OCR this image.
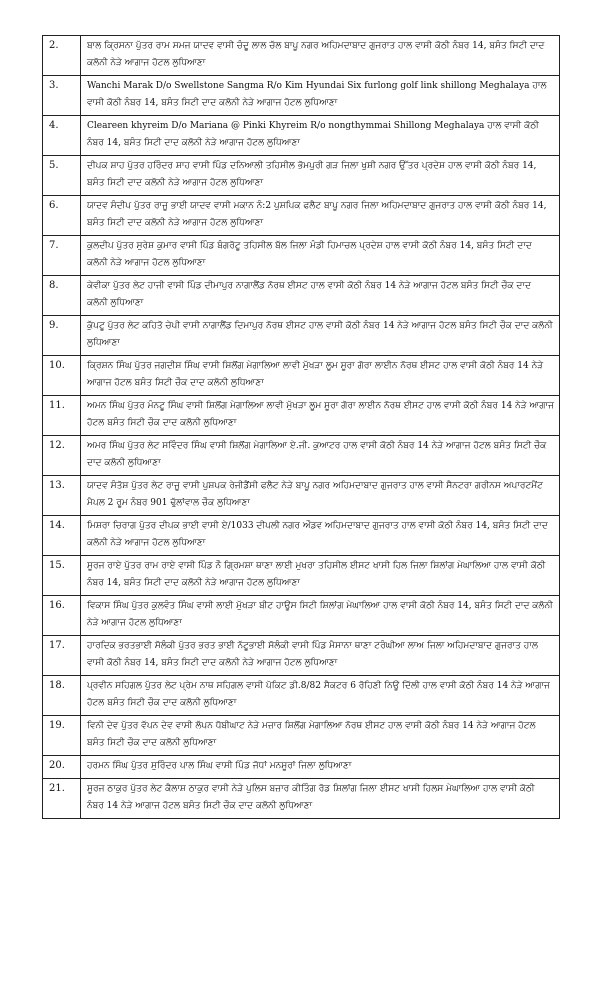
2.	ਬਾਲ ਕ੍ਰਿਸਨਾ ਪੁੱਤਰ ਰਾਮ ਸਮਜ ਯਾਦਵ ਵਾਸੀ ਚੰਦੂ ਲਾਲ ਚੱਲ ਬਾਪੂ ਨਗਰ ਅਹਿਮਦਾਬਾਦ ਗੁਜਰਾਤ ਹਾਲ ਵਾਸੀ ਕੋਠੀ ਨੰਬਰ 14, ਬਸੰਤ ਸਿਟੀ ਦਾਦ ਕਲੋਨੀ ਨੇੜੇ ਆਗਾਜ ਹੋਟਲ ਲੁਧਿਆਣਾ
3.	Wanchi Marak D/o Swellstone Sangma R/o Kim Hyundai Six furlong golf link shillong Meghalaya ਹਾਲ ਵਾਸੀ ਕੋਠੀ ਨੰਬਰ 14, ਬਸੰਤ ਸਿਟੀ ਦਾਦ ਕਲੋਨੀ ਨੇੜੇ ਆਗਾਜ ਹੋਟਲ ਲੁਧਿਆਣਾ
4.	Cleareen khyreim D/o Mariana @ Pinki Khyreim R/o nongthymmai Shillong Meghalaya ਹਾਲ ਵਾਸੀ ਕੋਠੀ ਨੰਬਰ 14, ਬਸੰਤ ਸਿਟੀ ਦਾਦ ਕਲੋਨੀ ਨੇੜੇ ਆਗਾਜ ਹੋਟਲ ਲੁਧਿਆਣਾ
5.	ਦੀਪਕ ਸ਼ਾਹ ਪੁੱਤਰ ਹਰਿੰਦਰ ਸ਼ਾਹ ਵਾਸੀ ਪਿੰਡ ਦਨਿਆਲੀ ਤਹਿਸੀਲ ਭੋਮਪੁਰੀ ਗੜ ਜਿਲਾ ਖੁਸ਼ੀ ਨਗਰ ਉੱਤਰ ਪ੍ਰਦੇਸ਼ ਹਾਲ ਵਾਸੀ ਕੋਠੀ ਨੰਬਰ 14, ਬਸੰਤ ਸਿਟੀ ਦਾਦ ਕਲੋਨੀ ਨੇੜੇ ਆਗਾਜ ਹੋਟਲ ਲੁਧਿਆਣਾ
6.	ਯਾਦਵ ਸੰਦੀਪ ਪੁੱਤਰ ਰਾਜੂ ਭਾਈ ਯਾਦਵ ਵਾਸੀ ਮਕਾਨ ਨੰ:2 ਪੁਸ਼ਪਿਕ ਫਲੈਟ ਬਾਪੂ ਨਗਰ ਜਿਲਾ ਅਹਿਮਦਾਬਾਦ ਗੁਜਰਾਤ ਹਾਲ ਵਾਸੀ ਕੋਠੀ ਨੰਬਰ 14, ਬਸੰਤ ਸਿਟੀ ਦਾਦ ਕਲੋਨੀ ਨੇੜੇ ਆਗਾਜ ਹੋਟਲ ਲੁਧਿਆਣਾ
7.	ਕੁਲਦੀਪ ਪੁੱਤਰ ਸੁਰੇਸ਼ ਕੁਮਾਰ ਵਾਸੀ ਪਿੰਡ ਬੰਗਰੋਟੂ ਤਹਿਸੀਲ ਬੱਲ ਜਿਲਾ ਮੰਡੀ ਹਿਮਾਚਲ ਪ੍ਰਦੇਸ਼ ਹਾਲ ਵਾਸੀ ਕੋਠੀ ਨੰਬਰ 14, ਬਸੰਤ ਸਿਟੀ ਦਾਦ ਕਲੋਨੀ ਨੇੜੇ ਆਗਾਜ ਹੋਟਲ ਲੁਧਿਆਣਾ
8.	ਕੇਵੀਕਾ ਪੁੱਤਰ ਲੇਟ ਹਾਜੀ ਵਾਸੀ ਪਿੰਡ ਦੀਮਾਪੁਰ ਨਾਗਾਲੈਂਡ ਨੋਰਥ ਈਸਟ ਹਾਲ ਵਾਸੀ ਕੋਠੀ ਨੰਬਰ 14 ਨੇੜੇ ਆਗਾਜ ਹੋਟਲ ਬਸੰਤ ਸਿਟੀ ਚੌਕ ਦਾਦ ਕਲੋਨੀ ਲੁਧਿਆਣਾ
9.	ਕੁੱਪਟੂ ਪੁੱਤਰ ਲੇਟ ਕਹਿਤੋ ਚੇਪੀ ਵਾਸੀ ਨਾਗਾਲੈਂਡ ਦਿਮਾਪੁਰ ਨੋਰਥ ਈਸਟ ਹਾਲ ਵਾਸੀ ਕੋਠੀ ਨੰਬਰ 14 ਨੇੜੇ ਆਗਾਜ ਹੋਟਲ ਬਸੰਤ ਸਿਟੀ ਚੌਕ ਦਾਦ ਕਲੋਨੀ ਲੁਧਿਆਣਾ
10.	ਕ੍ਰਿਸ਼ਨ ਸਿੰਘ ਪੁੱਤਰ ਜਗਦੀਸ਼ ਸਿੰਘ ਵਾਸੀ ਸ਼ਿਲੋਂਗ ਮੇਗਾਲਿਆ ਲਾਵੀ ਮੁੱਖੜਾ ਲੂਮ ਸੂਰਾ ਗੋਰਾ ਲਾਈਨ ਨੋਰਥ ਈਸਟ ਹਾਲ ਵਾਸੀ ਕੋਠੀ ਨੰਬਰ 14 ਨੇੜੇ ਆਗਾਜ ਹੋਟਲ ਬਸੰਤ ਸਿਟੀ ਚੌਕ ਦਾਦ ਕਲੋਨੀ ਲੁਧਿਆਣਾ
11.	ਅਮਨ ਸਿੰਘ ਪੁੱਤਰ ਮੰਨਟੂ ਸਿੰਘ ਵਾਸੀ ਸ਼ਿਲੋਂਗ ਮੇਗਾਲਿਆ ਲਾਵੀ ਮੁੱਖੜਾ ਲੂਮ ਸੂਰਾ ਗੋਰਾ ਲਾਈਨ ਨੋਰਥ ਈਸਟ ਹਾਲ ਵਾਸੀ ਕੋਠੀ ਨੰਬਰ 14 ਨੇੜੇ ਆਗਾਜ ਹੋਟਲ ਬਸੰਤ ਸਿਟੀ ਚੌਕ ਦਾਦ ਕਲੋਨੀ ਲੁਧਿਆਣਾ
12.	ਅਮਰ ਸਿੰਘ ਪੁੱਤਰ ਲੇਟ ਸਵਿੰਦਰ ਸਿੰਘ ਵਾਸੀ ਸ਼ਿਲੋਂਗ ਮੇਗਾਲਿਆ ਏ.ਜੀ. ਕੁਆਟਰ ਹਾਲ ਵਾਸੀ ਕੋਠੀ ਨੰਬਰ 14 ਨੇੜੇ ਆਗਾਜ ਹੋਟਲ ਬਸੰਤ ਸਿਟੀ ਚੌਕ ਦਾਦ ਕਲੋਨੀ ਲੁਧਿਆਣਾ
13.	ਯਾਦਵ ਸੰਤੋਸ਼ ਪੁੱਤਰ ਲੇਟ ਰਾਜੂ ਵਾਸੀ ਪੁਸ਼ਪਕ ਰੇਜੀਡੈਂਸੀ ਫਲੈਟ ਨੇੜੇ ਬਾਪੂ ਨਗਰ ਅਹਿਮਦਾਬਾਦ ਗੁਜਰਾਤ ਹਾਲ ਵਾਸੀ ਸੈਨਟਰਾ ਗਰੀਨਸ ਅਪਾਰਟਮੈਂਟ ਮੈਪਲ 2 ਰੂਮ ਨੰਬਰ 901 ਢੁੱਲਾਂਵਾਲ ਚੌਕ ਲੁਧਿਆਣਾ
14.	ਮਿਸ਼ਰਾ ਚਿਰਾਗ ਪੁੱਤਰ ਦੀਪਕ ਭਾਈ ਵਾਸੀ ਏ/1033 ਦੀਪਲੀ ਨਗਰ ਔਡਵ ਅਹਿਮਦਾਬਾਦ ਗੁਜਰਾਤ ਹਾਲ ਵਾਸੀ ਕੋਠੀ ਨੰਬਰ 14, ਬਸੰਤ ਸਿਟੀ ਦਾਦ ਕਲੋਨੀ ਨੇੜੇ ਆਗਾਜ ਹੋਟਲ ਲੁਧਿਆਣਾ
15.	ਸੂਰਜ ਰਾਏ ਪੁੱਤਰ ਰਾਮ ਰਾਏ ਵਾਸੀ ਪਿੰਡ ਨੌ ਗ੍ਰਿਮਸ਼ਾ ਥਾਣਾ ਲਾਈ ਮੁਖਰਾ ਤਹਿਸੀਲ ਈਸਟ ਖਾਸੀ ਹਿਲ ਜਿਲਾ ਸ਼ਿਲਾਂਗ ਮੇਘਾਲਿਆ ਹਾਲ ਵਾਸੀ ਕੋਠੀ ਨੰਬਰ 14, ਬਸੰਤ ਸਿਟੀ ਦਾਦ ਕਲੋਨੀ ਨੇੜੇ ਆਗਾਜ ਹੋਟਲ ਲੁਧਿਆਣਾ
16.	ਵਿਕਾਸ ਸਿੰਘ ਪੁੱਤਰ ਕੁਲਵੰਤ ਸਿੰਘ ਵਾਸੀ ਲਾਈ ਮੁੱਖੜਾ ਬੀਟ ਹਾਊਸ ਸਿਟੀ ਸ਼ਿਲਾਂਗ ਮੇਘਾਲਿਆ ਹਾਲ ਵਾਸੀ ਕੋਠੀ ਨੰਬਰ 14, ਬਸੰਤ ਸਿਟੀ ਦਾਦ ਕਲੋਨੀ ਨੇੜੇ ਆਗਾਜ ਹੋਟਲ ਲੁਧਿਆਣਾ
17.	ਹਾਰਦਿਕ ਭਰਤਭਾਈ ਸੋਲੰਕੀ ਪੁੱਤਰ ਭਰਤ ਭਾਈ ਨੱਟੂਭਾਈ ਸੋਲੰਕੀ ਵਾਸੀ ਪਿੰਡ ਮੈਸਾਨਾ ਥਾਣਾ ਟਰੰਘੀਆ ਲਾਅ ਜਿਲਾ ਅਹਿਮਦਾਬਾਦ ਗੁਜਰਾਤ ਹਾਲ ਵਾਸੀ ਕੋਠੀ ਨੰਬਰ 14, ਬਸੰਤ ਸਿਟੀ ਦਾਦ ਕਲੋਨੀ ਨੇੜੇ ਆਗਾਜ ਹੋਟਲ ਲੁਧਿਆਣਾ
18.	ਪ੍ਰਵੀਨ ਸਹਿਗਲ ਪੁੱਤਰ ਲੇਟ ਪ੍ਰੇਮ ਨਾਥ ਸਹਿਗਲ ਵਾਸੀ ਪੋਕਿਟ ਡੀ.8/82 ਸੈਕਟਰ 6 ਰੋਹਿਣੀ ਨਿਊ ਦਿੱਲੀ ਹਾਲ ਵਾਸੀ ਕੋਠੀ ਨੰਬਰ 14 ਨੇੜੇ ਆਗਾਜ ਹੋਟਲ ਬਸੰਤ ਸਿਟੀ ਚੌਕ ਦਾਦ ਕਲੋਨੀ ਲੁਧਿਆਣਾ
19.	ਵਿਨੀ ਦੇਵ ਪੁੱਤਰ ਵੱਪਨ ਦੇਵ ਵਾਸੀ ਲੱਪਨ ਧੋਬੀਘਾਟ ਨੇੜੇ ਮਜ਼ਾਰ ਸ਼ਿਲੋਂਗ ਮੇਗਾਲਿਆ ਨੋਰਥ ਈਸਟ ਹਾਲ ਵਾਸੀ ਕੋਠੀ ਨੰਬਰ 14 ਨੇੜੇ ਆਗਾਜ ਹੋਟਲ ਬਸੰਤ ਸਿਟੀ ਚੌਕ ਦਾਦ ਕਲੋਨੀ ਲੁਧਿਆਣਾ
20.	ਹਰਮਨ ਸਿੰਘ ਪੁੱਤਰ ਸੁਰਿੰਦਰ ਪਾਲ ਸਿੰਘ ਵਾਸੀ ਪਿੰਡ ਜੋਧਾਂ ਮਨਸੂਰਾਂ ਜਿਲਾ ਲੁਧਿਆਣਾ
21.	ਸੂਰਜ ਠਾਕੁਰ ਪੁੱਤਰ ਲੇਟ ਕੈਲਾਸ਼ ਠਾਕੁਰ ਵਾਸੀ ਨੇੜੇ ਪੁਲਿਸ ਬਜ਼ਾਰ ਕੀਤਿੰਗ ਰੋਡ ਸ਼ਿਲਾਂਗ ਜਿਲਾ ਈਸਟ ਖਾਸੀ ਹਿਲਸ ਮੇਘਾਲਿਆ ਹਾਲ ਵਾਸੀ ਕੋਠੀ ਨੰਬਰ 14 ਨੇੜੇ ਆਗਾਜ ਹੋਟਲ ਬਸੰਤ ਸਿਟੀ ਚੌਕ ਦਾਦ ਕਲੋਨੀ ਲੁਧਿਆਣਾ
